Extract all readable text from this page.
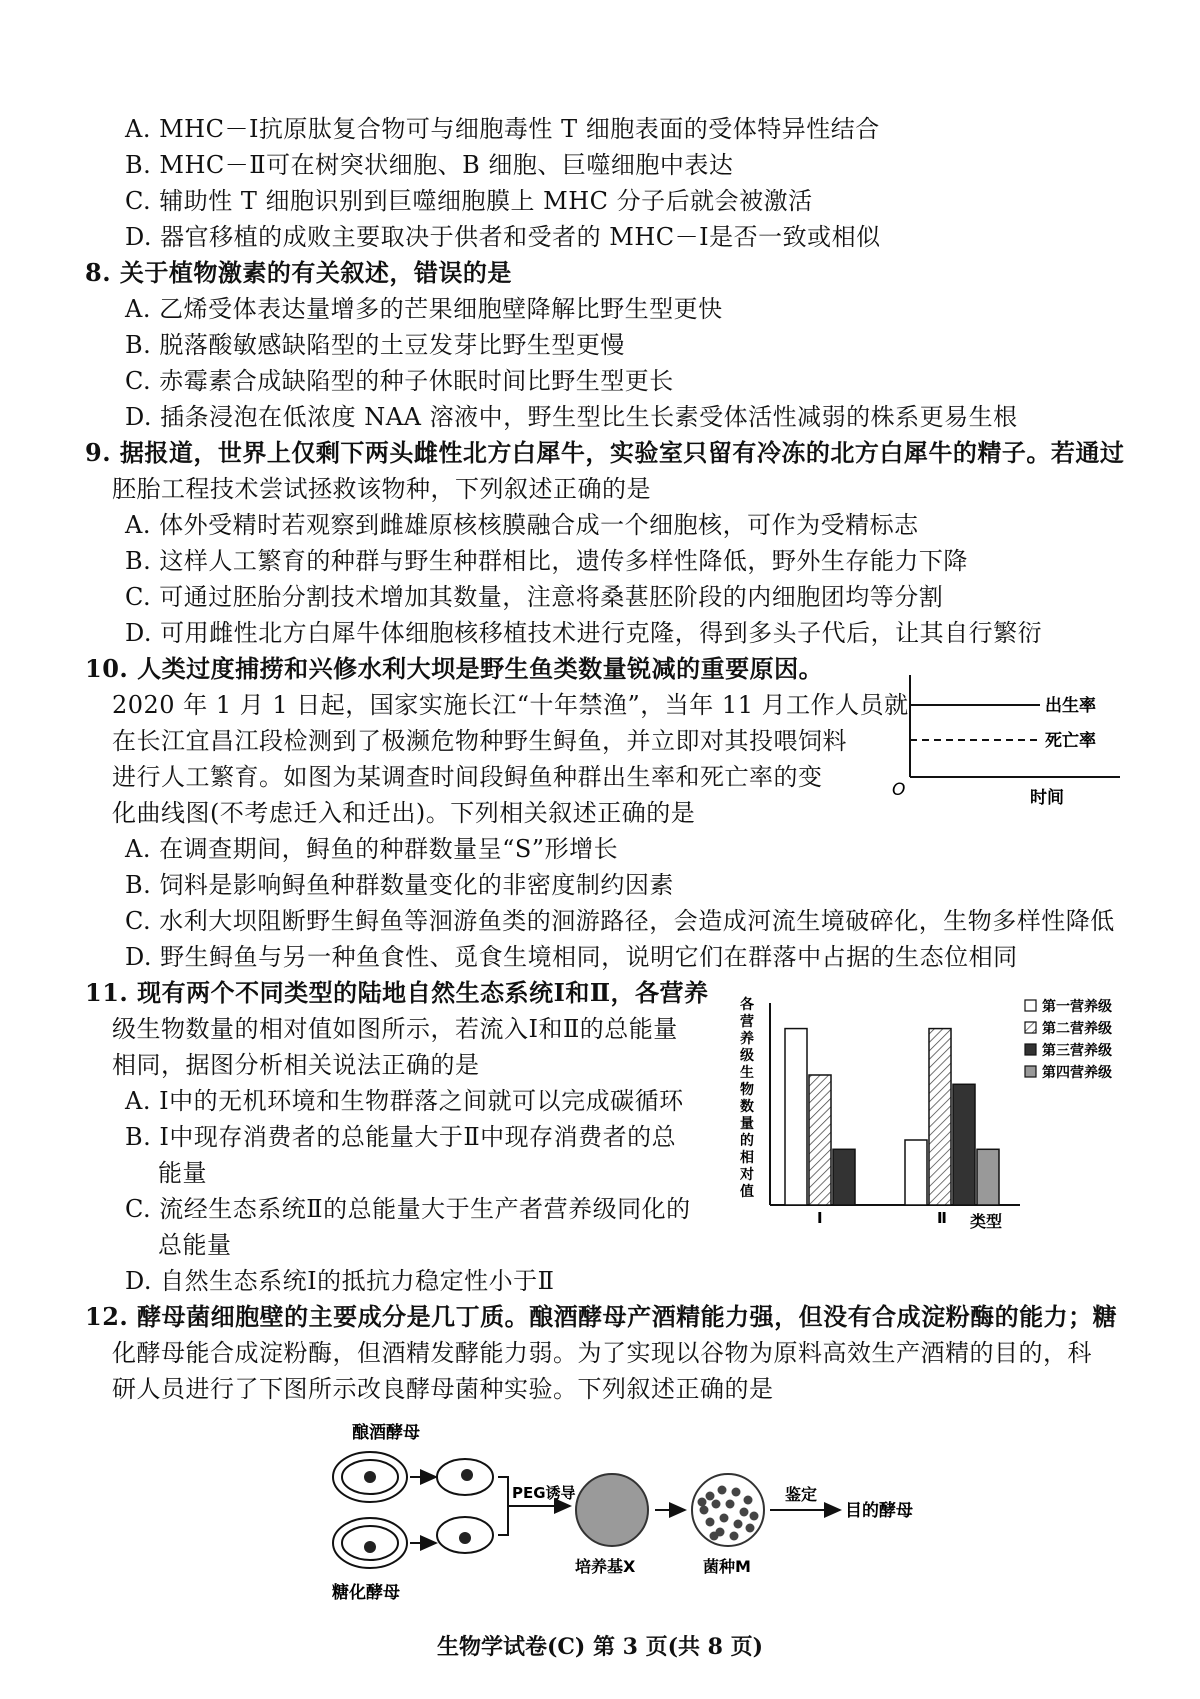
A. MHC－Ⅰ抗原肽复合物可与细胞毒性 T 细胞表面的受体特异性结合
B. MHC－Ⅱ可在树突状细胞、B 细胞、巨噬细胞中表达
C. 辅助性 T 细胞识别到巨噬细胞膜上 MHC 分子后就会被激活
D. 器官移植的成败主要取决于供者和受者的 MHC－Ⅰ是否一致或相似
8. 关于植物激素的有关叙述，错误的是
A. 乙烯受体表达量增多的芒果细胞壁降解比野生型更快
B. 脱落酸敏感缺陷型的土豆发芽比野生型更慢
C. 赤霉素合成缺陷型的种子休眠时间比野生型更长
D. 插条浸泡在低浓度 NAA 溶液中，野生型比生长素受体活性减弱的株系更易生根
9. 据报道，世界上仅剩下两头雌性北方白犀牛，实验室只留有冷冻的北方白犀牛的精子。若通过
胚胎工程技术尝试拯救该物种，下列叙述正确的是
A. 体外受精时若观察到雌雄原核核膜融合成一个细胞核，可作为受精标志
B. 这样人工繁育的种群与野生种群相比，遗传多样性降低，野外生存能力下降
C. 可通过胚胎分割技术增加其数量，注意将桑葚胚阶段的内细胞团均等分割
D. 可用雌性北方白犀牛体细胞核移植技术进行克隆，得到多头子代后，让其自行繁衍
10. 人类过度捕捞和兴修水利大坝是野生鱼类数量锐减的重要原因。
2020 年 1 月 1 日起，国家实施长江“十年禁渔”，当年 11 月工作人员就
在长江宜昌江段检测到了极濒危物种野生鲟鱼，并立即对其投喂饲料
进行人工繁育。如图为某调查时间段鲟鱼种群出生率和死亡率的变
化曲线图(不考虑迁入和迁出)。下列相关叙述正确的是
A. 在调查期间，鲟鱼的种群数量呈“S”形增长
B. 饲料是影响鲟鱼种群数量变化的非密度制约因素
C. 水利大坝阻断野生鲟鱼等洄游鱼类的洄游路径，会造成河流生境破碎化，生物多样性降低
D. 野生鲟鱼与另一种鱼食性、觅食生境相同，说明它们在群落中占据的生态位相同
出生率
死亡率
O	时间
11. 现有两个不同类型的陆地自然生态系统Ⅰ和Ⅱ，各营养
级生物数量的相对值如图所示，若流入Ⅰ和Ⅱ的总能量
相同，据图分析相关说法正确的是
A. Ⅰ中的无机环境和生物群落之间就可以完成碳循环
B. Ⅰ中现存消费者的总能量大于Ⅱ中现存消费者的总
能量
C. 流经生态系统Ⅱ的总能量大于生产者营养级同化的
总能量
D. 自然生态系统Ⅰ的抵抗力稳定性小于Ⅱ
各
营
养
级
生
物
数
量
的
相
对
值
Ⅰ	Ⅱ 类型
第一营养级
第二营养级
第三营养级
第四营养级
12. 酵母菌细胞壁的主要成分是几丁质。酿酒酵母产酒精能力强，但没有合成淀粉酶的能力；糖
化酵母能合成淀粉酶，但酒精发酵能力弱。为了实现以谷物为原料高效生产酒精的目的，科
研人员进行了下图所示改良酵母菌种实验。下列叙述正确的是
酿酒酵母
糖化酵母
PEG诱导
培养基X	菌种M
鉴定
目的酵母
生物学试卷(C) 第 3 页(共 8 页)
